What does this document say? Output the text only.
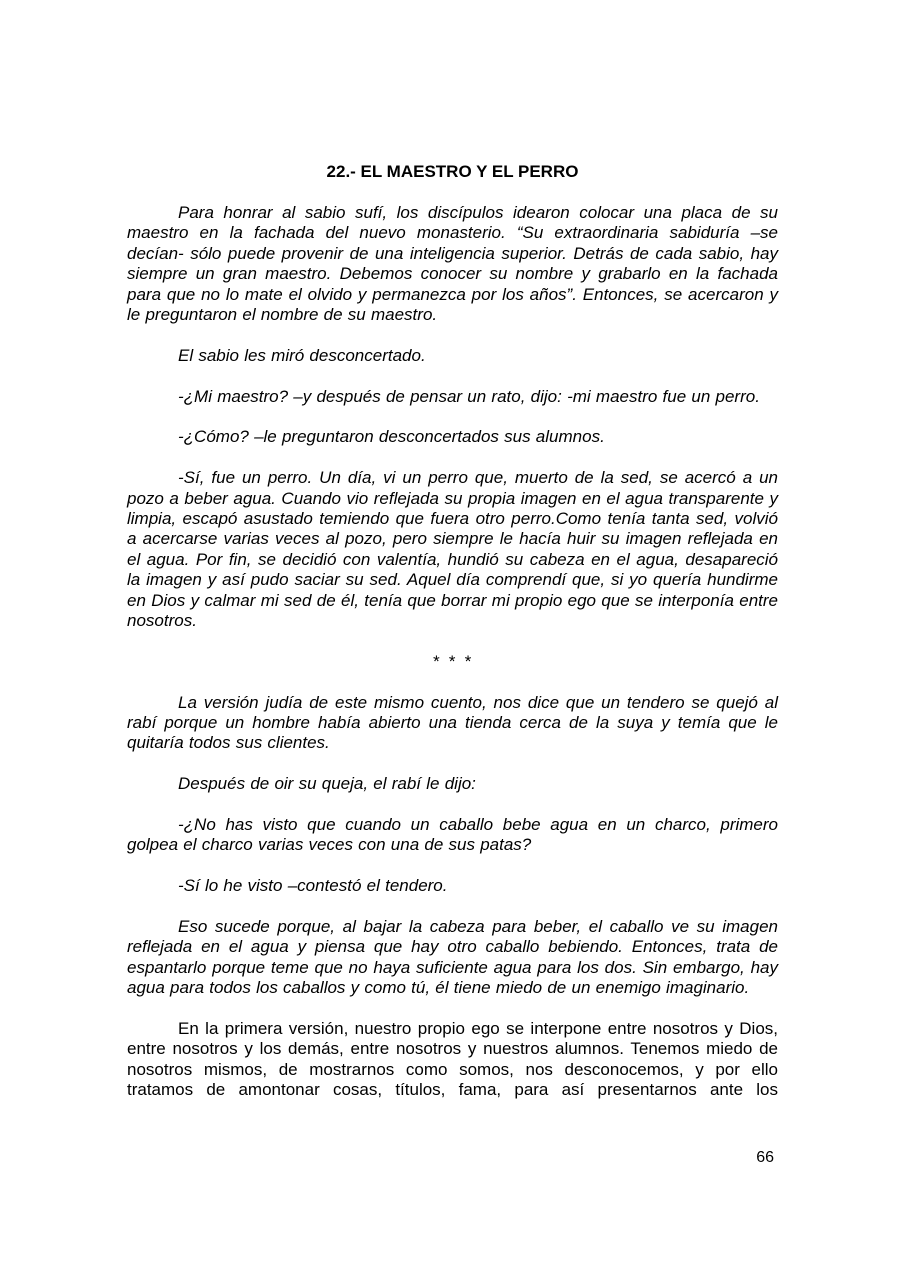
22.- EL MAESTRO Y EL PERRO

Para honrar al sabio sufí, los discípulos idearon colocar una placa de su maestro en la fachada del nuevo monasterio. “Su extraordinaria sabiduría –se decían- sólo puede provenir de una inteligencia superior. Detrás de cada sabio, hay siempre un gran maestro. Debemos conocer su nombre y grabarlo en la fachada para que no lo mate el olvido y permanezca por los años”. Entonces, se acercaron y le preguntaron el nombre de su maestro.

El sabio les miró desconcertado.

-¿Mi maestro? –y después de pensar un rato, dijo: -mi maestro fue un perro.

-¿Cómo? –le preguntaron desconcertados sus alumnos.

-Sí, fue un perro. Un día, vi un perro que, muerto de la sed, se acercó a un pozo a beber agua. Cuando vio reflejada su propia imagen en el agua transparente y limpia, escapó asustado temiendo que fuera otro perro.Como tenía tanta sed, volvió a acercarse varias veces al pozo, pero siempre le hacía huir su imagen reflejada en el agua. Por fin, se decidió con valentía, hundió su cabeza en el agua, desapareció la imagen y así pudo saciar su sed. Aquel día comprendí que, si yo quería hundirme en Dios y calmar mi sed de él, tenía que borrar mi propio ego que se interponía entre nosotros.

* * *

La versión judía de este mismo cuento, nos dice que un tendero se quejó al rabí porque un hombre había abierto una tienda cerca de la suya y temía que le quitaría todos sus clientes.

Después de oir su queja, el rabí le dijo:

-¿No has visto que cuando un caballo bebe agua en un charco, primero golpea el charco varias veces con una de sus patas?

-Sí lo he visto –contestó el tendero.

Eso sucede porque, al bajar la cabeza para beber, el caballo ve su imagen reflejada en el agua y piensa que hay otro caballo bebiendo. Entonces, trata de espantarlo porque teme que no haya suficiente agua para los dos. Sin embargo, hay agua para todos los caballos y como tú, él tiene miedo de un enemigo imaginario.

En la primera versión, nuestro propio ego se interpone entre nosotros y Dios, entre nosotros y los demás, entre nosotros y nuestros alumnos. Tenemos miedo de nosotros mismos, de mostrarnos como somos, nos desconocemos, y por ello tratamos de amontonar cosas, títulos, fama, para así presentarnos ante los

66
